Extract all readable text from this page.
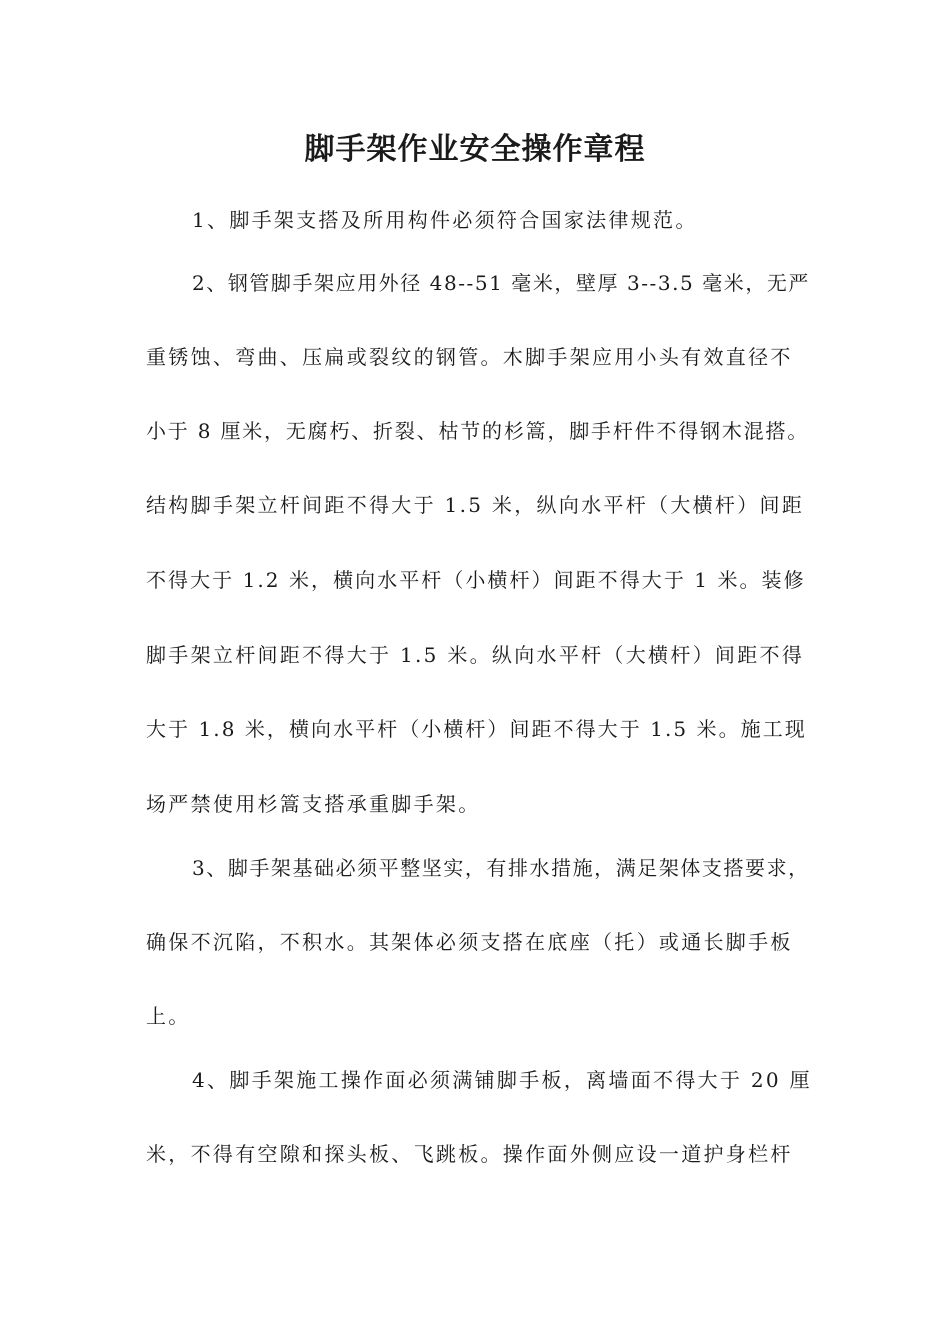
脚手架作业安全操作章程
1、脚手架支搭及所用构件必须符合国家法律规范。
2、钢管脚手架应用外径 48--51 毫米，壁厚 3--3.5 毫米，无严
重锈蚀、弯曲、压扁或裂纹的钢管。木脚手架应用小头有效直径不
小于 8 厘米，无腐朽、折裂、枯节的杉篙，脚手杆件不得钢木混搭。
结构脚手架立杆间距不得大于 1.5 米，纵向水平杆（大横杆）间距
不得大于 1.2 米，横向水平杆（小横杆）间距不得大于 1 米。装修
脚手架立杆间距不得大于 1.5 米。纵向水平杆（大横杆）间距不得
大于 1.8 米，横向水平杆（小横杆）间距不得大于 1.5 米。施工现
场严禁使用杉篙支搭承重脚手架。
3、脚手架基础必须平整坚实，有排水措施，满足架体支搭要求，
确保不沉陷，不积水。其架体必须支搭在底座（托）或通长脚手板
上。
4、脚手架施工操作面必须满铺脚手板，离墙面不得大于 20 厘
米，不得有空隙和探头板、飞跳板。操作面外侧应设一道护身栏杆
